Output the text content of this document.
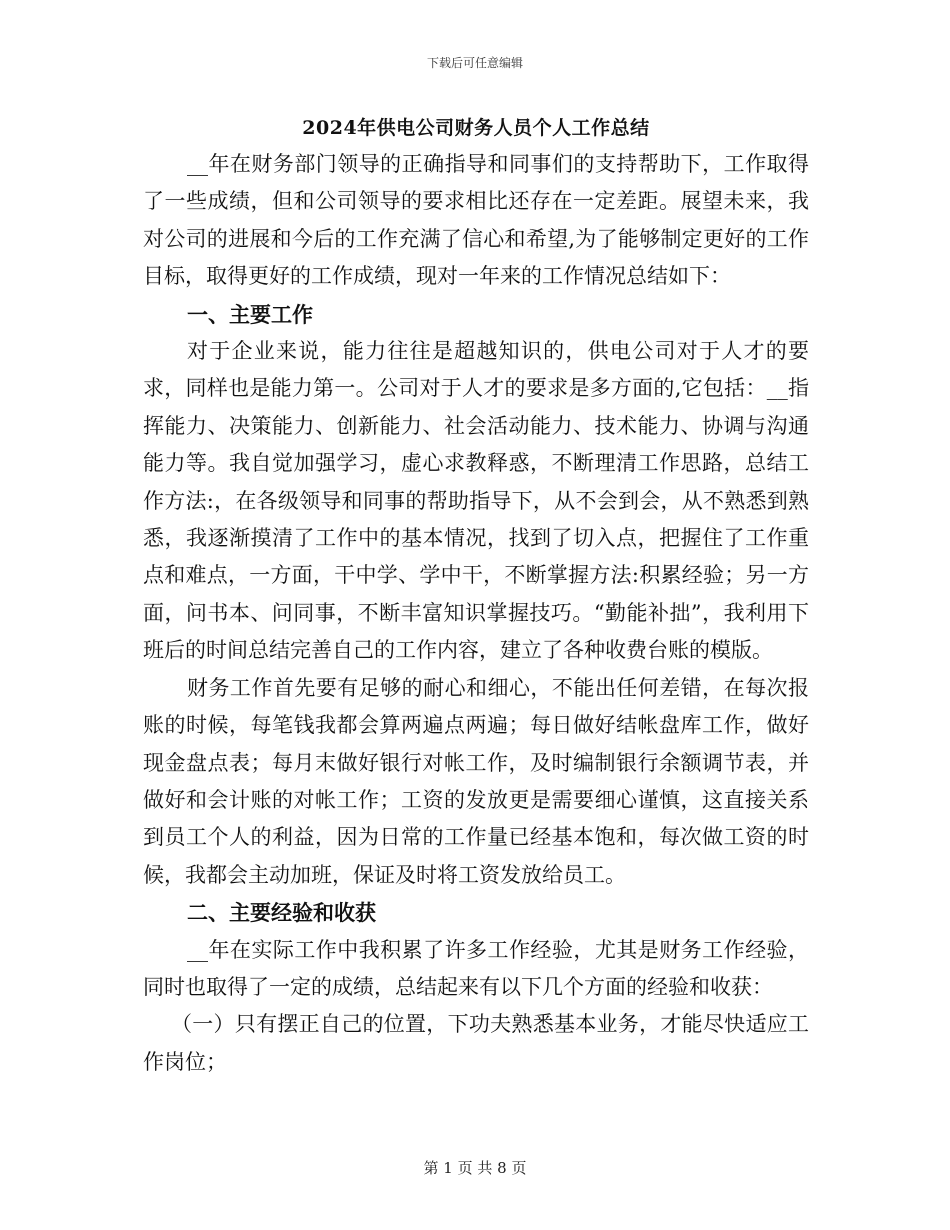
下载后可任意编辑
2024年供电公司财务人员个人工作总结

__年在财务部门领导的正确指导和同事们的支持帮助下，工作取得了一些成绩，但和公司领导的要求相比还存在一定差距。展望未来，我对公司的进展和今后的工作充满了信心和希望,为了能够制定更好的工作目标，取得更好的工作成绩，现对一年来的工作情况总结如下：

一、主要工作

对于企业来说，能力往往是超越知识的，供电公司对于人才的要求，同样也是能力第一。公司对于人才的要求是多方面的,它包括：__指挥能力、决策能力、创新能力、社会活动能力、技术能力、协调与沟通能力等。我自觉加强学习，虚心求教释惑，不断理清工作思路，总结工作方法:，在各级领导和同事的帮助指导下，从不会到会，从不熟悉到熟悉，我逐渐摸清了工作中的基本情况，找到了切入点，把握住了工作重点和难点，一方面，干中学、学中干，不断掌握方法:积累经验；另一方面，问书本、问同事，不断丰富知识掌握技巧。“勤能补拙”，我利用下班后的时间总结完善自己的工作内容，建立了各种收费台账的模版。

财务工作首先要有足够的耐心和细心，不能出任何差错，在每次报账的时候，每笔钱我都会算两遍点两遍；每日做好结帐盘库工作，做好现金盘点表；每月末做好银行对帐工作，及时编制银行余额调节表，并做好和会计账的对帐工作；工资的发放更是需要细心谨慎，这直接关系到员工个人的利益，因为日常的工作量已经基本饱和，每次做工资的时候，我都会主动加班，保证及时将工资发放给员工。

二、主要经验和收获

__年在实际工作中我积累了许多工作经验，尤其是财务工作经验，同时也取得了一定的成绩，总结起来有以下几个方面的经验和收获：

（一）只有摆正自己的位置，下功夫熟悉基本业务，才能尽快适应工作岗位；

第 1 页 共 8 页
